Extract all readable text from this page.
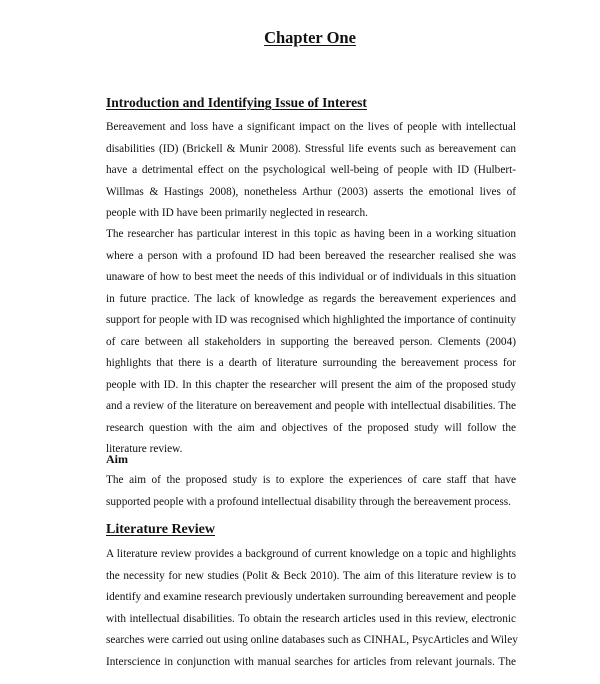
Chapter One
Introduction and Identifying Issue of Interest
Bereavement and loss have a significant impact on the lives of people with intellectual
disabilities (ID) (Brickell & Munir 2008). Stressful life events such as bereavement can
have a detrimental effect on the psychological well-being of people with ID (Hulbert-
Willmas & Hastings 2008), nonetheless Arthur (2003) asserts the emotional lives of
people with ID have been primarily neglected in research.
The researcher has particular interest in this topic as having been in a working situation
where a person with a profound ID had been bereaved the researcher realised she was
unaware of how to best meet the needs of this individual or of individuals in this situation
in future practice. The lack of knowledge as regards the bereavement experiences and
support for people with ID was recognised which highlighted the importance of continuity
of care between all stakeholders in supporting the bereaved person. Clements (2004)
highlights that there is a dearth of literature surrounding the bereavement process for
people with ID. In this chapter the researcher will present the aim of the proposed study
and a review of the literature on bereavement and people with intellectual disabilities. The
research question with the aim and objectives of the proposed study will follow the
literature review.
Aim
The aim of the proposed study is to explore the experiences of care staff that have
supported people with a profound intellectual disability through the bereavement process.
Literature Review
A literature review provides a background of current knowledge on a topic and highlights
the necessity for new studies (Polit & Beck 2010). The aim of this literature review is to
identify and examine research previously undertaken surrounding bereavement and people
with intellectual disabilities. To obtain the research articles used in this review, electronic
searches were carried out using online databases such as CINHAL, PsycArticles and Wiley
Interscience in conjunction with manual searches for articles from relevant journals. The
